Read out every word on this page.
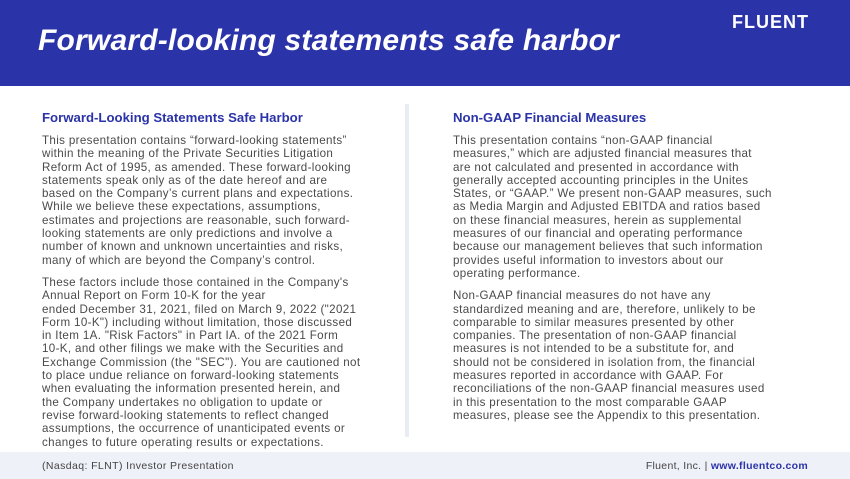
Forward-looking statements safe harbor
FLUENT
Forward-Looking Statements Safe Harbor

This presentation contains “forward-looking statements”
within the meaning of the Private Securities Litigation
Reform Act of 1995, as amended. These forward-looking
statements speak only as of the date hereof and are
based on the Company’s current plans and expectations.
While we believe these expectations, assumptions,
estimates and projections are reasonable, such forward-
looking statements are only predictions and involve a
number of known and unknown uncertainties and risks,
many of which are beyond the Company’s control.

These factors include those contained in the Company's
Annual Report on Form 10-K for the year
ended December 31, 2021, filed on March 9, 2022 ("2021
Form 10-K") including without limitation, those discussed
in Item 1A. "Risk Factors" in Part IA. of the 2021 Form
10-K, and other filings we make with the Securities and
Exchange Commission (the "SEC"). You are cautioned not
to place undue reliance on forward-looking statements
when evaluating the information presented herein, and
the Company undertakes no obligation to update or
revise forward-looking statements to reflect changed
assumptions, the occurrence of unanticipated events or
changes to future operating results or expectations.

Non-GAAP Financial Measures

This presentation contains “non-GAAP financial
measures,” which are adjusted financial measures that
are not calculated and presented in accordance with
generally accepted accounting principles in the Unites
States, or “GAAP.” We present non-GAAP measures, such
as Media Margin and Adjusted EBITDA and ratios based
on these financial measures, herein as supplemental
measures of our financial and operating performance
because our management believes that such information
provides useful information to investors about our
operating performance.

Non-GAAP financial measures do not have any
standardized meaning and are, therefore, unlikely to be
comparable to similar measures presented by other
companies. The presentation of non-GAAP financial
measures is not intended to be a substitute for, and
should not be considered in isolation from, the financial
measures reported in accordance with GAAP. For
reconciliations of the non-GAAP financial measures used
in this presentation to the most comparable GAAP
measures, please see the Appendix to this presentation.

(Nasdaq: FLNT) Investor Presentation	Fluent, Inc. | www.fluentco.com
